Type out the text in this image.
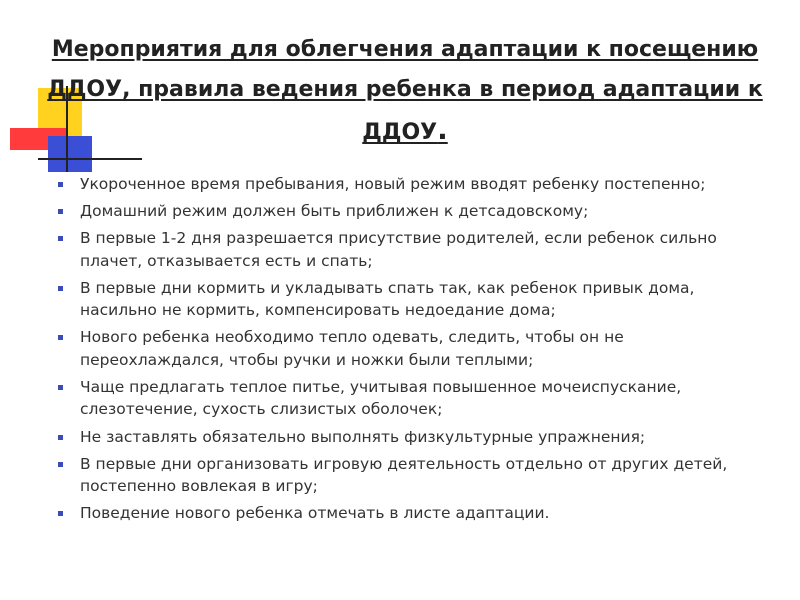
Мероприятия для облегчения адаптации к посещению ДДОУ, правила ведения ребенка в период адаптации к ДДОУ.
Укороченное время пребывания, новый режим вводят ребенку постепенно;
Домашний режим должен быть приближен к детсадовскому;
В первые 1-2 дня разрешается присутствие родителей, если ребенок сильно плачет, отказывается есть и спать;
В первые дни кормить и укладывать спать так, как ребенок привык дома, насильно не кормить, компенсировать недоедание дома;
Нового ребенка необходимо тепло одевать, следить, чтобы он не переохлаждался, чтобы ручки и ножки были теплыми;
Чаще предлагать теплое питье, учитывая повышенное мочеиспускание, слезотечение, сухость слизистых оболочек;
Не заставлять обязательно выполнять физкультурные упражнения;
В первые дни организовать игровую деятельность отдельно от других детей, постепенно вовлекая в игру;
Поведение нового ребенка отмечать в листе адаптации.
